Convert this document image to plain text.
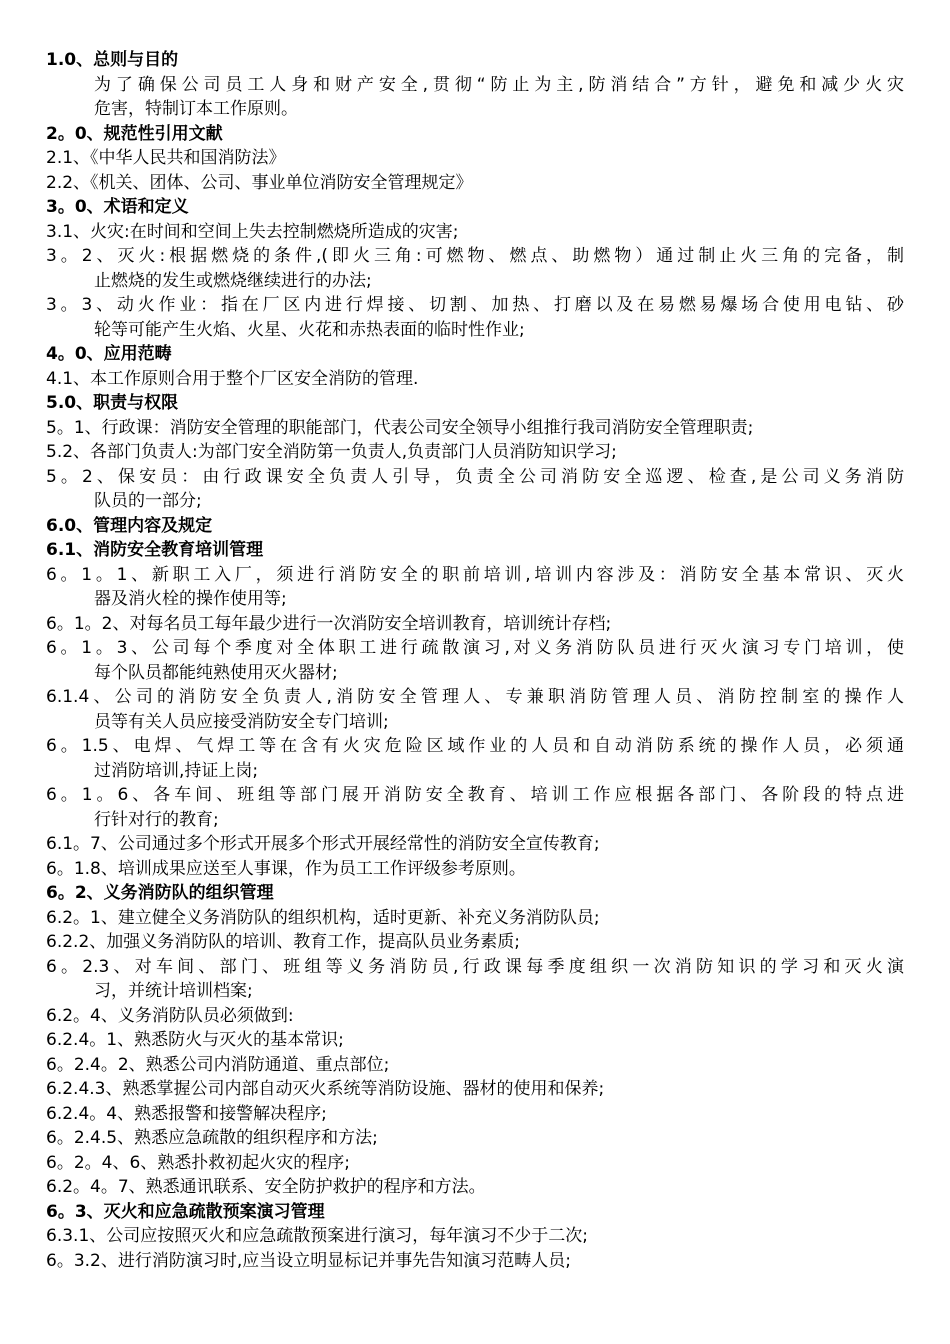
1.0、总则与目的
为了确保公司员工人身和财产安全,贯彻“防止为主,防消结合”方针，避免和减少火灾
危害，特制订本工作原则。
2。0、规范性引用文献
2.1、《中华人民共和国消防法》
2.2、《机关、团体、公司、事业单位消防安全管理规定》
3。0、术语和定义
3.1、火灾:在时间和空间上失去控制燃烧所造成的灾害;
3。2、灭火:根据燃烧的条件,(即火三角:可燃物、燃点、助燃物）通过制止火三角的完备，制
止燃烧的发生或燃烧继续进行的办法;
3。3、动火作业：指在厂区内进行焊接、切割、加热、打磨以及在易燃易爆场合使用电钻、砂
轮等可能产生火焰、火星、火花和赤热表面的临时性作业;
4。0、应用范畴
4.1、本工作原则合用于整个厂区安全消防的管理.
5.0、职责与权限
5。1、行政课：消防安全管理的职能部门，代表公司安全领导小组推行我司消防安全管理职责;
5.2、各部门负责人:为部门安全消防第一负责人,负责部门人员消防知识学习;
5。2、保安员：由行政课安全负责人引导，负责全公司消防安全巡逻、检查,是公司义务消防
队员的一部分;
6.0、管理内容及规定
6.1、消防安全教育培训管理
6。1。1、新职工入厂，须进行消防安全的职前培训,培训内容涉及：消防安全基本常识、灭火
器及消火栓的操作使用等;
6。1。2、对每名员工每年最少进行一次消防安全培训教育，培训统计存档;
6。1。3、公司每个季度对全体职工进行疏散演习,对义务消防队员进行灭火演习专门培训，使
每个队员都能纯熟使用灭火器材;
6.1.4、公司的消防安全负责人,消防安全管理人、专兼职消防管理人员、消防控制室的操作人
员等有关人员应接受消防安全专门培训;
6。1.5、电焊、气焊工等在含有火灾危险区域作业的人员和自动消防系统的操作人员，必须通
过消防培训,持证上岗;
6。1。6、各车间、班组等部门展开消防安全教育、培训工作应根据各部门、各阶段的特点进
行针对行的教育;
6.1。7、公司通过多个形式开展多个形式开展经常性的消防安全宣传教育;
6。1.8、培训成果应送至人事课，作为员工工作评级参考原则。
6。2、义务消防队的组织管理
6.2。1、建立健全义务消防队的组织机构，适时更新、补充义务消防队员;
6.2.2、加强义务消防队的培训、教育工作，提高队员业务素质;
6。2.3、对车间、部门、班组等义务消防员,行政课每季度组织一次消防知识的学习和灭火演
习，并统计培训档案;
6.2。4、义务消防队员必须做到:
6.2.4。1、熟悉防火与灭火的基本常识;
6。2.4。2、熟悉公司内消防通道、重点部位;
6.2.4.3、熟悉掌握公司内部自动灭火系统等消防设施、器材的使用和保养;
6.2.4。4、熟悉报警和接警解决程序;
6。2.4.5、熟悉应急疏散的组织程序和方法;
6。2。4、6、熟悉扑救初起火灾的程序;
6.2。4。7、熟悉通讯联系、安全防护救护的程序和方法。
6。3、灭火和应急疏散预案演习管理
6.3.1、公司应按照灭火和应急疏散预案进行演习，每年演习不少于二次;
6。3.2、进行消防演习时,应当设立明显标记并事先告知演习范畴人员;
